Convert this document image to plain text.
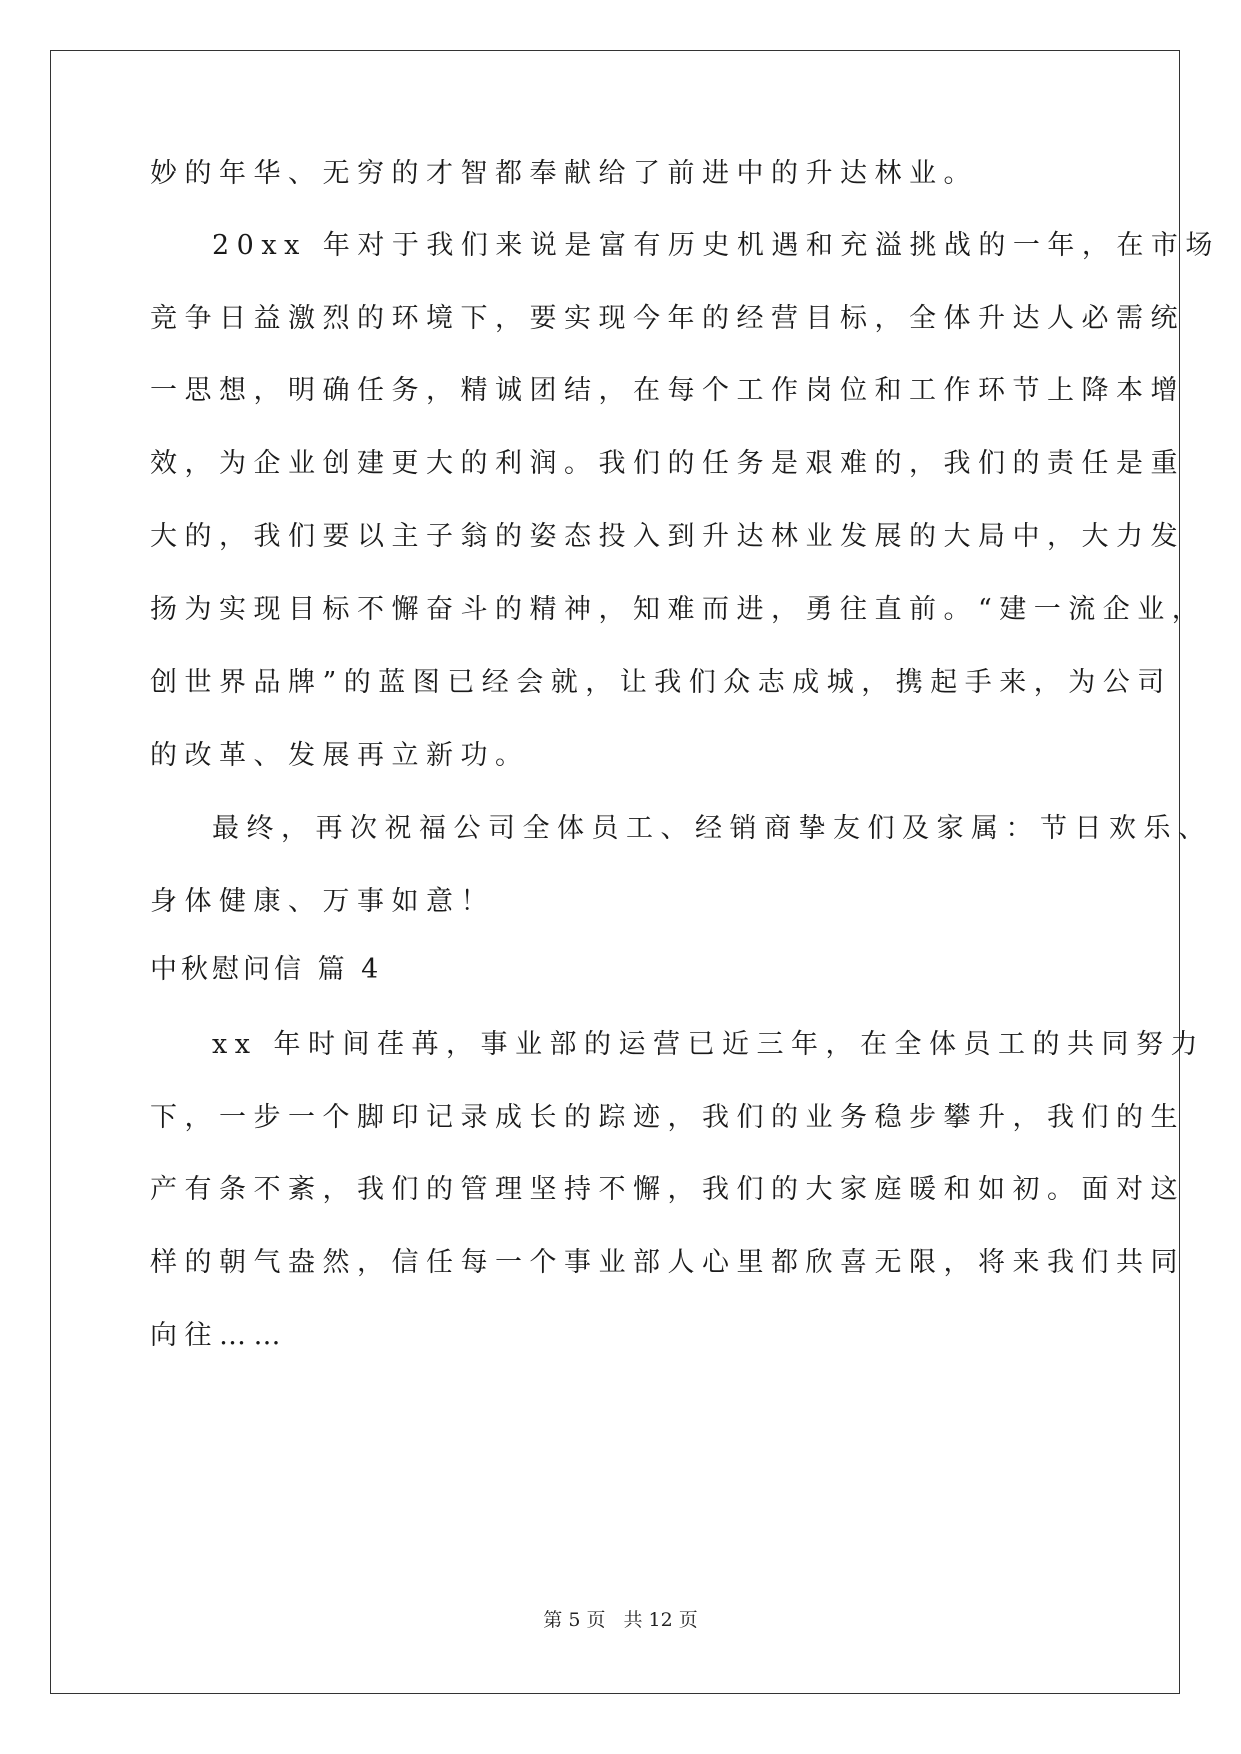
妙的年华、无穷的才智都奉献给了前进中的升达林业。
20xx 年对于我们来说是富有历史机遇和充溢挑战的一年，在市场
竞争日益激烈的环境下，要实现今年的经营目标，全体升达人必需统
一思想，明确任务，精诚团结，在每个工作岗位和工作环节上降本增
效，为企业创建更大的利润。我们的任务是艰难的，我们的责任是重
大的，我们要以主子翁的姿态投入到升达林业发展的大局中，大力发
扬为实现目标不懈奋斗的精神，知难而进，勇往直前。“建一流企业，
创世界品牌”的蓝图已经会就，让我们众志成城，携起手来，为公司
的改革、发展再立新功。
最终，再次祝福公司全体员工、经销商挚友们及家属：节日欢乐、
身体健康、万事如意！
中秋慰问信 篇 4
xx 年时间荏苒，事业部的运营已近三年，在全体员工的共同努力
下，一步一个脚印记录成长的踪迹，我们的业务稳步攀升，我们的生
产有条不紊，我们的管理坚持不懈，我们的大家庭暖和如初。面对这
样的朝气盎然，信任每一个事业部人心里都欣喜无限，将来我们共同
向往……
第 5 页 共 12 页
